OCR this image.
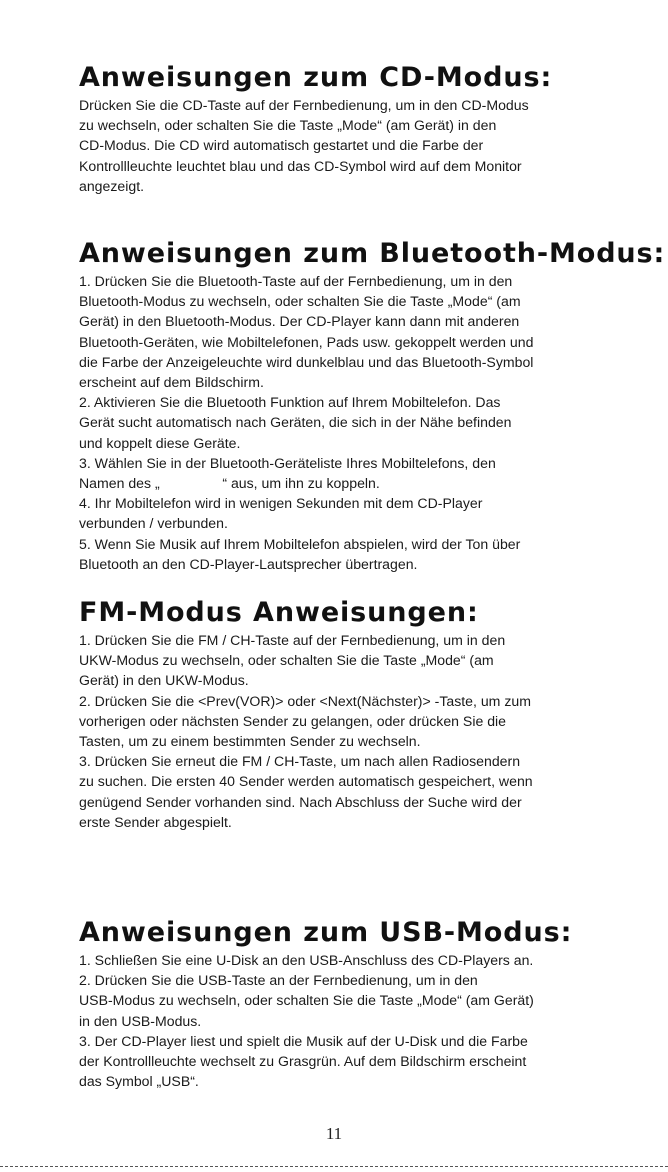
Anweisungen zum CD-Modus:

Drücken Sie die CD-Taste auf der Fernbedienung, um in den CD-Modus
zu wechseln, oder schalten Sie die Taste „Mode“ (am Gerät) in den
CD-Modus. Die CD wird automatisch gestartet und die Farbe der
Kontrollleuchte leuchtet blau und das CD-Symbol wird auf dem Monitor
angezeigt.

Anweisungen zum Bluetooth-Modus:

1. Drücken Sie die Bluetooth-Taste auf der Fernbedienung, um in den
Bluetooth-Modus zu wechseln, oder schalten Sie die Taste „Mode“ (am
Gerät) in den Bluetooth-Modus. Der CD-Player kann dann mit anderen
Bluetooth-Geräten, wie Mobiltelefonen, Pads usw. gekoppelt werden und
die Farbe der Anzeigeleuchte wird dunkelblau und das Bluetooth-Symbol
erscheint auf dem Bildschirm.
2. Aktivieren Sie die Bluetooth Funktion auf Ihrem Mobiltelefon. Das
Gerät sucht automatisch nach Geräten, die sich in der Nähe befinden
und koppelt diese Geräte.
3. Wählen Sie in der Bluetooth-Geräteliste Ihres Mobiltelefons, den
Namen des „                “ aus, um ihn zu koppeln.
4. Ihr Mobiltelefon wird in wenigen Sekunden mit dem CD-Player
verbunden / verbunden.
5. Wenn Sie Musik auf Ihrem Mobiltelefon abspielen, wird der Ton über
Bluetooth an den CD-Player-Lautsprecher übertragen.

FM-Modus Anweisungen:

1. Drücken Sie die FM / CH-Taste auf der Fernbedienung, um in den
UKW-Modus zu wechseln, oder schalten Sie die Taste „Mode“ (am
Gerät) in den UKW-Modus.
2. Drücken Sie die <Prev(VOR)> oder <Next(Nächster)> -Taste, um zum
vorherigen oder nächsten Sender zu gelangen, oder drücken Sie die
Tasten, um zu einem bestimmten Sender zu wechseln.
3. Drücken Sie erneut die FM / CH-Taste, um nach allen Radiosendern
zu suchen. Die ersten 40 Sender werden automatisch gespeichert, wenn
genügend Sender vorhanden sind. Nach Abschluss der Suche wird der
erste Sender abgespielt.

Anweisungen zum USB-Modus:

1. Schließen Sie eine U-Disk an den USB-Anschluss des CD-Players an.
2. Drücken Sie die USB-Taste an der Fernbedienung, um in den
USB-Modus zu wechseln, oder schalten Sie die Taste „Mode“ (am Gerät)
in den USB-Modus.
3. Der CD-Player liest und spielt die Musik auf der U-Disk und die Farbe
der Kontrollleuchte wechselt zu Grasgrün. Auf dem Bildschirm erscheint
das Symbol „USB“.

11
